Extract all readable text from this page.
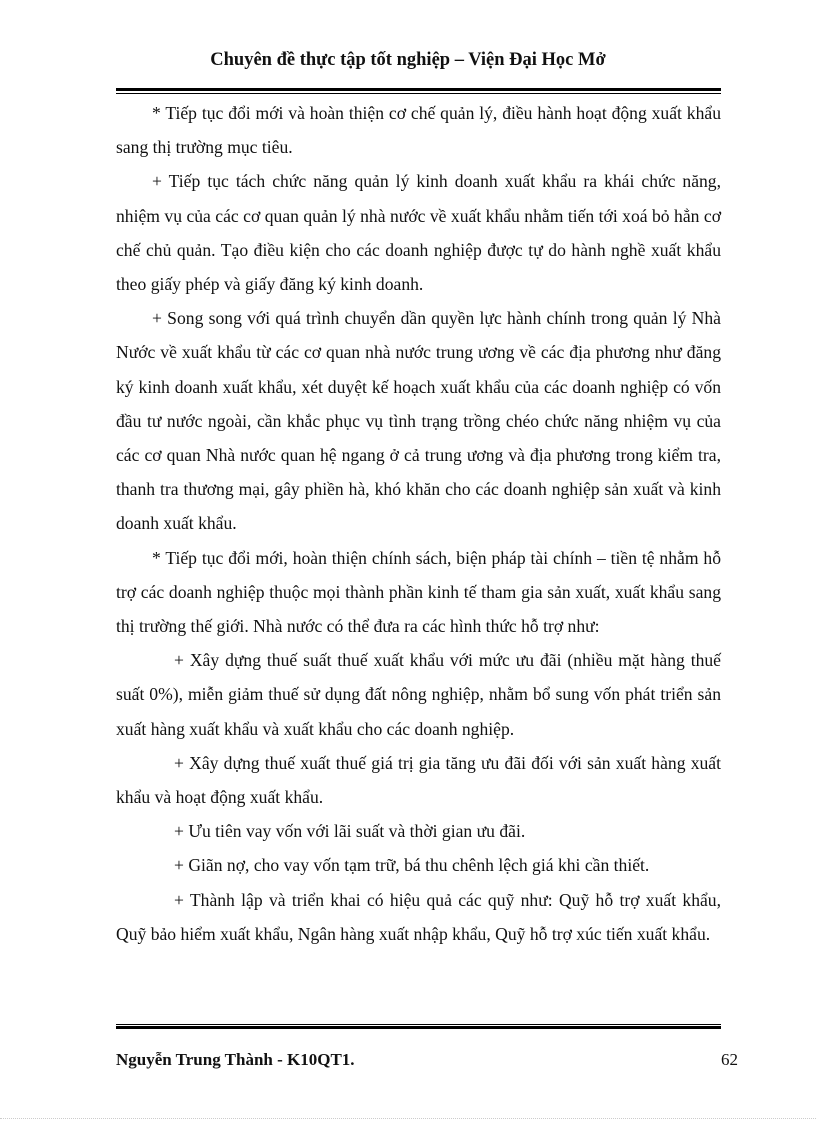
Chuyên đề thực tập tốt nghiệp – Viện Đại Học Mở

* Tiếp tục đổi mới và hoàn thiện cơ chế quản lý, điều hành hoạt động xuất khẩu sang thị trường mục tiêu.

+ Tiếp tục tách chức năng quản lý kinh doanh xuất khẩu ra khái chức năng, nhiệm vụ của các cơ quan quản lý nhà nước về xuất khẩu nhằm tiến tới xoá bỏ hẳn cơ chế chủ quản. Tạo điều kiện cho các doanh nghiệp được tự do hành nghề xuất khẩu theo giấy phép và giấy đăng ký kinh doanh.

+ Song song với quá trình chuyển dần quyền lực hành chính trong quản lý Nhà Nước về xuất khẩu từ các cơ quan nhà nước trung ương về các địa phương như đăng ký kinh doanh xuất khẩu, xét duyệt kế hoạch xuất khẩu của các doanh nghiệp có vốn đầu tư nước ngoài, cần khắc phục vụ tình trạng trồng chéo chức năng nhiệm vụ của các cơ quan Nhà nước quan hệ ngang ở cả trung ương và địa phương trong kiểm tra, thanh tra thương mại, gây phiền hà, khó khăn cho các doanh nghiệp sản xuất và kinh doanh xuất khẩu.

* Tiếp tục đổi mới, hoàn thiện chính sách, biện pháp tài chính – tiền tệ nhằm hỗ trợ các doanh nghiệp thuộc mọi thành phần kinh tế tham gia sản xuất, xuất khẩu sang thị trường thế giới. Nhà nước có thể đưa ra các hình thức hỗ trợ như:

+ Xây dựng thuế suất thuế xuất khẩu với mức ưu đãi (nhiều mặt hàng thuế suất 0%), miễn giảm thuế sử dụng đất nông nghiệp, nhằm bổ sung vốn phát triển sản xuất hàng xuất khẩu và xuất khẩu cho các doanh nghiệp.

+ Xây dựng thuế xuất thuế giá trị gia tăng ưu đãi đối với sản xuất hàng xuất khẩu và hoạt động xuất khẩu.

+ Ưu tiên vay vốn với lãi suất và thời gian ưu đãi.

+ Giãn nợ, cho vay vốn tạm trữ, bá thu chênh lệch giá khi cần thiết.

+ Thành lập và triển khai có hiệu quả các quỹ như: Quỹ hỗ trợ xuất khẩu, Quỹ bảo hiểm xuất khẩu, Ngân hàng xuất nhập khẩu, Quỹ hỗ trợ xúc tiến xuất khẩu.

Nguyễn Trung Thành - K10QT1.	62
